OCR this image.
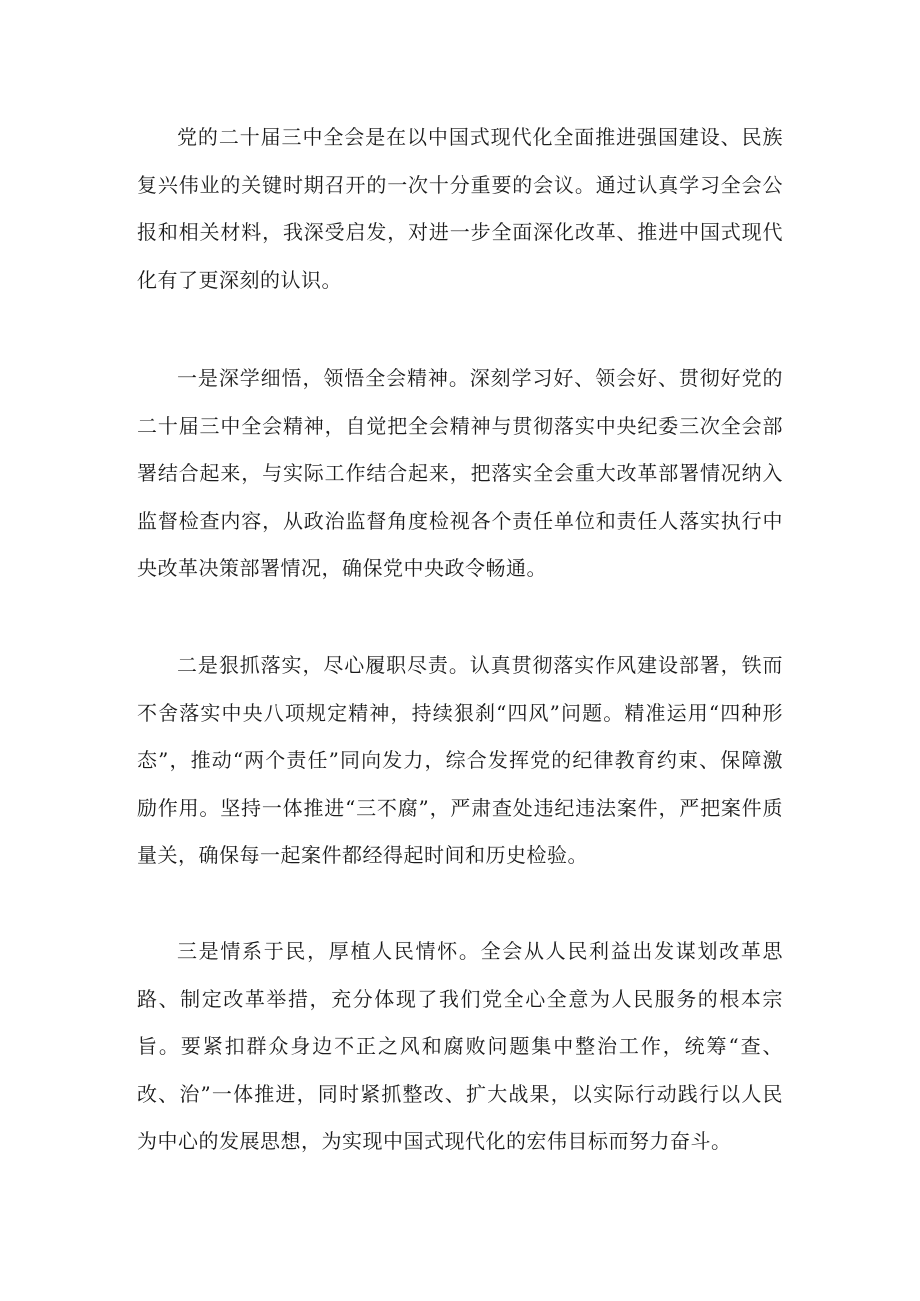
党的二十届三中全会是在以中国式现代化全面推进强国建设、民族复兴伟业的关键时期召开的一次十分重要的会议。通过认真学习全会公报和相关材料，我深受启发，对进一步全面深化改革、推进中国式现代化有了更深刻的认识。

一是深学细悟，领悟全会精神。深刻学习好、领会好、贯彻好党的二十届三中全会精神，自觉把全会精神与贯彻落实中央纪委三次全会部署结合起来，与实际工作结合起来，把落实全会重大改革部署情况纳入监督检查内容，从政治监督角度检视各个责任单位和责任人落实执行中央改革决策部署情况，确保党中央政令畅通。

二是狠抓落实，尽心履职尽责。认真贯彻落实作风建设部署，铁而不舍落实中央八项规定精神，持续狠刹“四风”问题。精准运用“四种形态”，推动“两个责任”同向发力，综合发挥党的纪律教育约束、保障激励作用。坚持一体推进“三不腐”，严肃查处违纪违法案件，严把案件质量关，确保每一起案件都经得起时间和历史检验。

三是情系于民，厚植人民情怀。全会从人民利益出发谋划改革思路、制定改革举措，充分体现了我们党全心全意为人民服务的根本宗旨。要紧扣群众身边不正之风和腐败问题集中整治工作，统筹“查、改、治”一体推进，同时紧抓整改、扩大战果，以实际行动践行以人民为中心的发展思想，为实现中国式现代化的宏伟目标而努力奋斗。
